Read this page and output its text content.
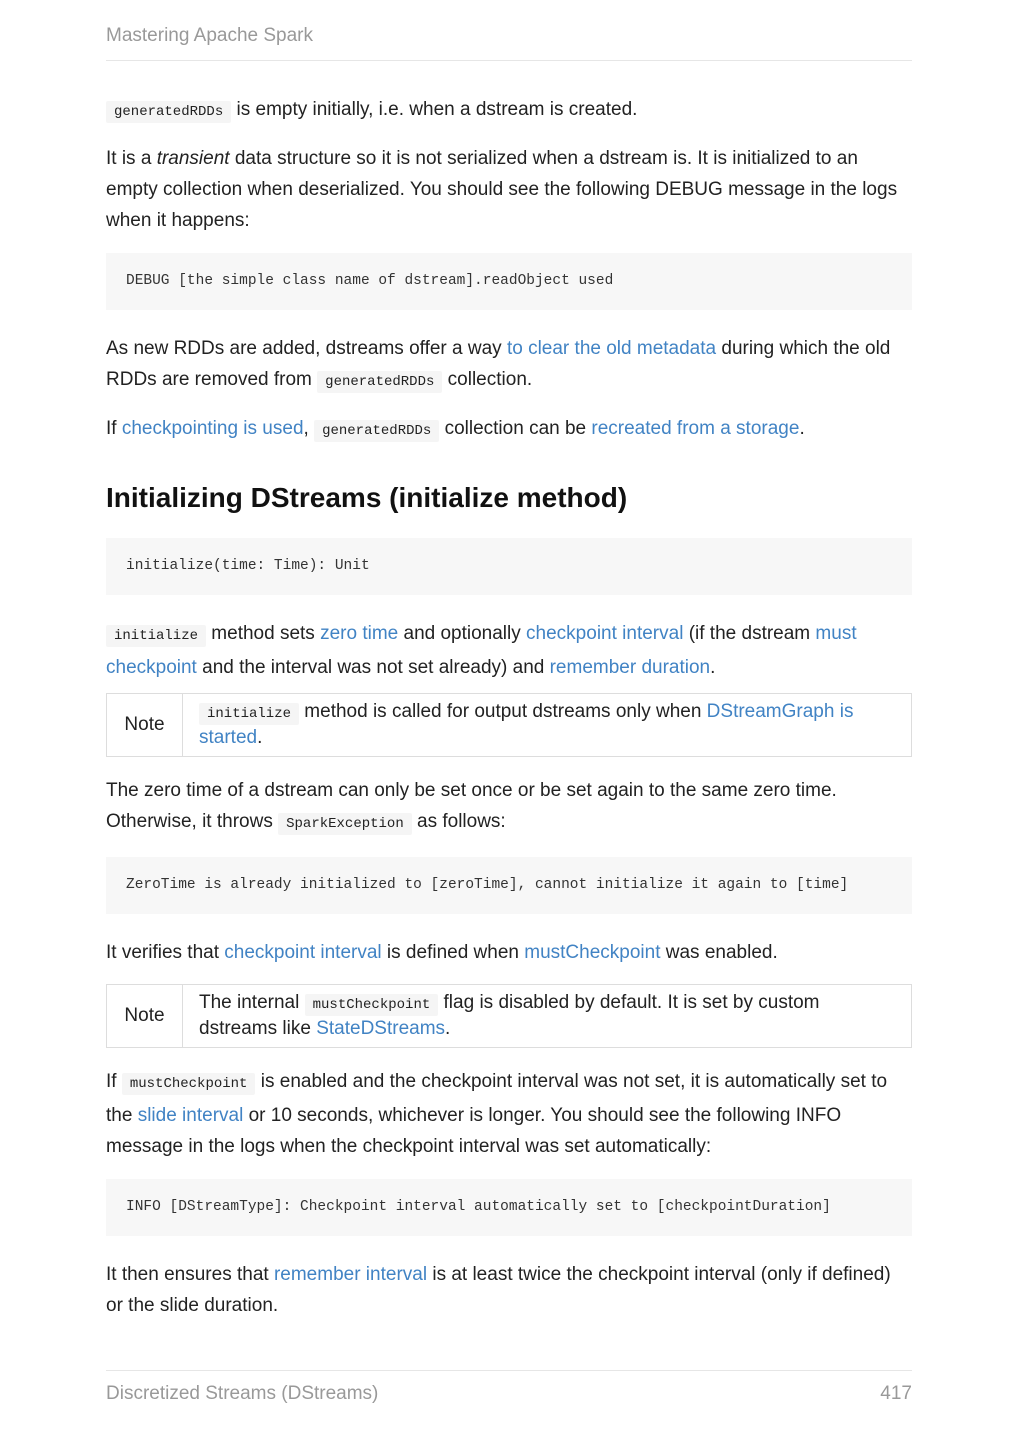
Mastering Apache Spark

generatedRDDs is empty initially, i.e. when a dstream is created.

It is a transient data structure so it is not serialized when a dstream is. It is initialized to an empty collection when deserialized. You should see the following DEBUG message in the logs when it happens:

DEBUG [the simple class name of dstream].readObject used

As new RDDs are added, dstreams offer a way to clear the old metadata during which the old RDDs are removed from generatedRDDs collection.

If checkpointing is used, generatedRDDs collection can be recreated from a storage.

Initializing DStreams (initialize method)
initialize(time: Time): Unit

initialize method sets zero time and optionally checkpoint interval (if the dstream must checkpoint and the interval was not set already) and remember duration.

Note	initialize method is called for output dstreams only when DStreamGraph is started.

The zero time of a dstream can only be set once or be set again to the same zero time. Otherwise, it throws SparkException as follows:

ZeroTime is already initialized to [zeroTime], cannot initialize it again to [time]

It verifies that checkpoint interval is defined when mustCheckpoint was enabled.

Note
The internal mustCheckpoint flag is disabled by default. It is set by custom dstreams like StateDStreams.

If mustCheckpoint is enabled and the checkpoint interval was not set, it is automatically set to the slide interval or 10 seconds, whichever is longer. You should see the following INFO message in the logs when the checkpoint interval was set automatically:

INFO [DStreamType]: Checkpoint interval automatically set to [checkpointDuration]

It then ensures that remember interval is at least twice the checkpoint interval (only if defined) or the slide duration.

Discretized Streams (DStreams)	417
